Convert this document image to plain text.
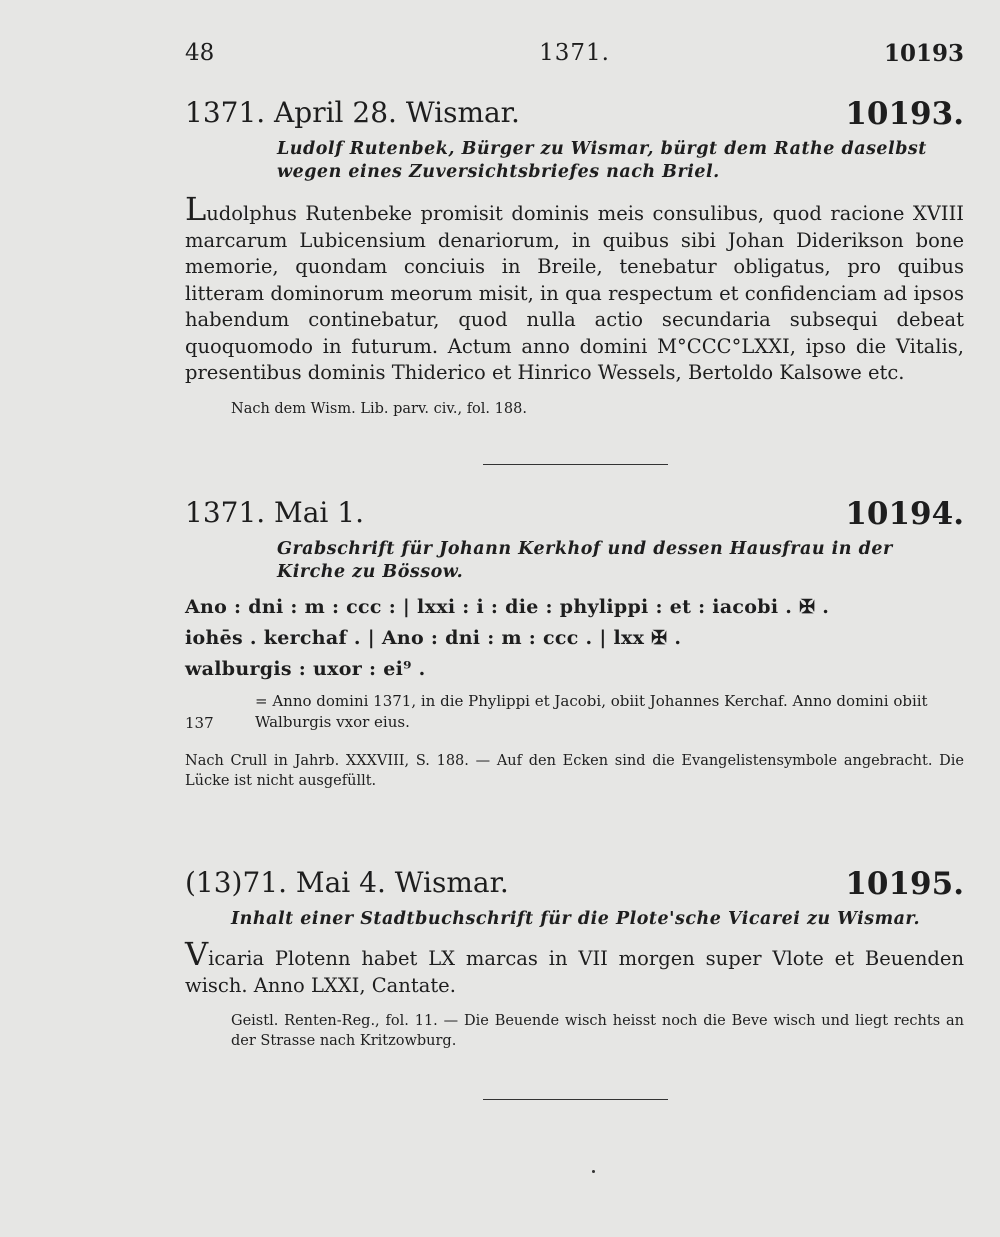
48	1371.	10193
1371. April 28. Wismar.	10193.
Ludolf Rutenbek, Bürger zu Wismar, bürgt dem Rathe daselbst wegen eines Zuversichtsbriefes nach Briel.
Ludolphus Rutenbeke promisit dominis meis consulibus, quod racione XVIII marcarum Lubicensium denariorum, in quibus sibi Johan Diderikson bone memorie, quondam conciuis in Breile, tenebatur obligatus, pro quibus litteram dominorum meorum misit, in qua respectum et confidenciam ad ipsos habendum continebatur, quod nulla actio secundaria subsequi debeat quoquomodo in futurum. Actum anno domini M°CCC°LXXI, ipso die Vitalis, presentibus dominis Thiderico et Hinrico Wessels, Bertoldo Kalsowe etc.
Nach dem Wism. Lib. parv. civ., fol. 188.
1371. Mai 1.	10194.
Grabschrift für Johann Kerkhof und dessen Hausfrau in der Kirche zu Bössow.
Ano : dni : m : ccc : | lxxi : i : die : phylippi : et : iacobi . ✠ .
iohēs . kerchaf . | Ano : dni : m : ccc . | lxx ✠ .
walburgis : uxor : ei⁹ .
137
= Anno domini 1371, in die Phylippi et Jacobi, obiit Johannes Kerchaf. Anno domini obiit Walburgis vxor eius.
Nach Crull in Jahrb. XXXVIII, S. 188. — Auf den Ecken sind die Evangelistensymbole angebracht. Die Lücke ist nicht ausgefüllt.
(13)71. Mai 4. Wismar.	10195.
Inhalt einer Stadtbuchschrift für die Plote'sche Vicarei zu Wismar.
Vicaria Plotenn habet LX marcas in VII morgen super Vlote et Beuenden wisch. Anno LXXI, Cantate.
Geistl. Renten-Reg., fol. 11. — Die Beuende wisch heisst noch die Beve wisch und liegt rechts an der Strasse nach Kritzowburg.
